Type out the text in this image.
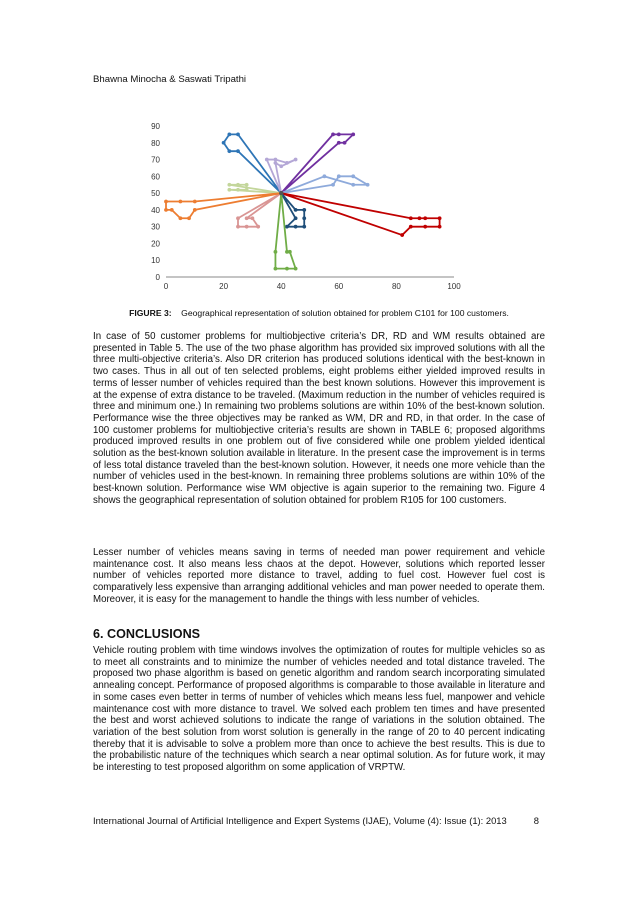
Bhawna Minocha & Saswati Tripathi
0
10
20
30
40
50
60
70
80
90
0	20	40	60	80	100
FIGURE 3: Geographical representation of solution obtained for problem C101 for 100 customers.
In case of 50 customer problems for multiobjective criteria’s DR, RD and WM results obtained are presented in Table 5. The use of the two phase algorithm has provided six improved solutions with all the three multi-objective criteria’s. Also DR criterion has produced solutions identical with the best-known in two cases. Thus in all out of ten selected problems, eight problems either yielded improved results in terms of lesser number of vehicles required than the best known solutions. However this improvement is at the expense of extra distance to be traveled. (Maximum reduction in the number of vehicles required is three and minimum one.) In remaining two problems solutions are within 10% of the best-known solution. Performance wise the three objectives may be ranked as WM, DR and RD, in that order. In the case of 100 customer problems for multiobjective criteria’s results are shown in TABLE 6; proposed algorithms produced improved results in one problem out of five considered while one problem yielded identical solution as the best-known solution available in literature. In the present case the improvement is in terms of less total distance traveled than the best-known solution. However, it needs one more vehicle than the number of vehicles used in the best-known. In remaining three problems solutions are within 10% of the best-known solution. Performance wise WM objective is again superior to the remaining two. Figure 4 shows the geographical representation of solution obtained for problem R105 for 100 customers.
Lesser number of vehicles means saving in terms of needed man power requirement and vehicle maintenance cost. It also means less chaos at the depot. However, solutions which reported lesser number of vehicles reported more distance to travel, adding to fuel cost. However fuel cost is comparatively less expensive than arranging additional vehicles and man power needed to operate them. Moreover, it is easy for the management to handle the things with less number of vehicles.
6. CONCLUSIONS
Vehicle routing problem with time windows involves the optimization of routes for multiple vehicles so as to meet all constraints and to minimize the number of vehicles needed and total distance traveled. The proposed two phase algorithm is based on genetic algorithm and random search incorporating simulated annealing concept. Performance of proposed algorithms is comparable to those available in literature and in some cases even better in terms of number of vehicles which means less fuel, manpower and vehicle maintenance cost with more distance to travel. We solved each problem ten times and have presented the best and worst achieved solutions to indicate the range of variations in the solution obtained. The variation of the best solution from worst solution is generally in the range of 20 to 40 percent indicating thereby that it is advisable to solve a problem more than once to achieve the best results. This is due to the probabilistic nature of the techniques which search a near optimal solution. As for future work, it may be interesting to test proposed algorithm on some application of VRPTW.
International Journal of Artificial Intelligence and Expert Systems (IJAE), Volume (4): Issue (1): 2013	8
